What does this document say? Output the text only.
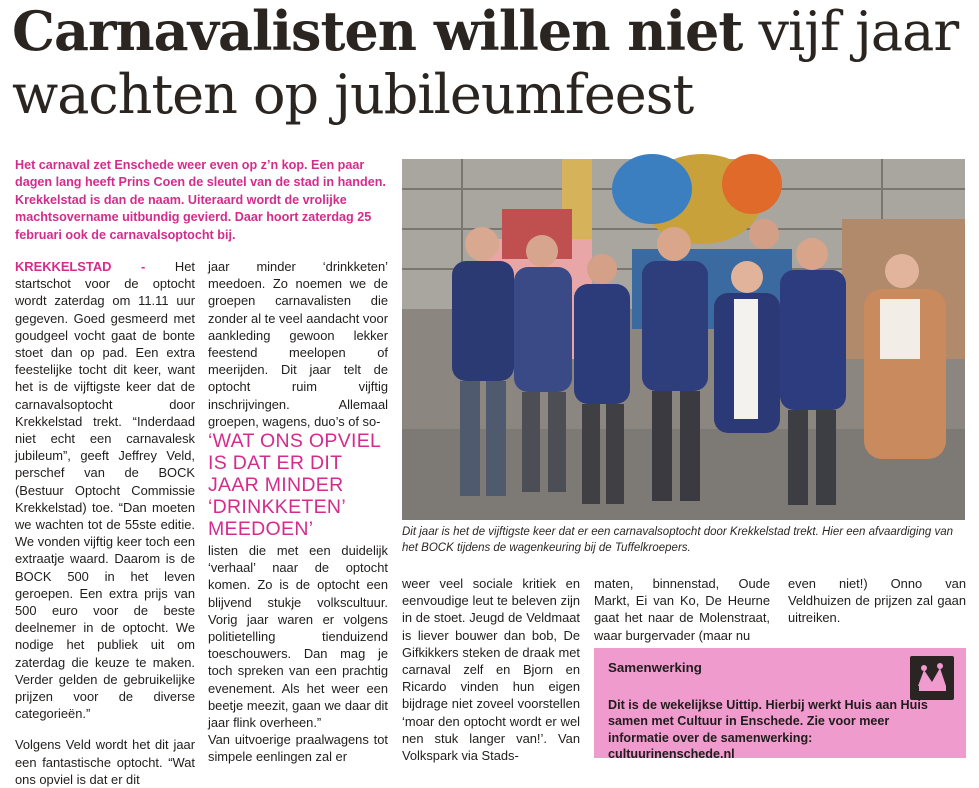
Carnavalisten willen niet vijf jaar wachten op jubileumfeest
Het carnaval zet Enschede weer even op z’n kop. Een paar dagen lang heeft Prins Coen de sleutel van de stad in handen. Krekkelstad is dan de naam. Uiteraard wordt de vrolijke machtsovername uitbundig gevierd. Daar hoort zaterdag 25 februari ook de carnavalsoptocht bij.

KREKKELSTAD - Het startschot voor de optocht wordt zaterdag om 11.11 uur gegeven. Goed gesmeerd met goudgeel vocht gaat de bonte stoet dan op pad. Een extra feestelijke tocht dit keer, want het is de vijftigste keer dat de carnavalsoptocht door Krekkelstad trekt. “Inderdaad niet echt een carnavalesk jubileum”, geeft Jeffrey Veld, perschef van de BOCK (Bestuur Optocht Commissie Krekkelstad) toe. “Dan moeten we wachten tot de 55ste editie. We vonden vijftig keer toch een extraatje waard. Daarom is de BOCK 500 in het leven geroepen. Een extra prijs van 500 euro voor de beste deelnemer in de optocht. We nodige het publiek uit om zaterdag die keuze te maken. Verder gelden de gebruikelijke prijzen voor de diverse categorieën.”

Volgens Veld wordt het dit jaar een fantastische optocht. “Wat ons opviel is dat er dit

jaar minder ‘drinkketen’ meedoen. Zo noemen we de groepen carnavalisten die zonder al te veel aandacht voor aankleding gewoon lekker feestend meelopen of meerijden. Dit jaar telt de optocht ruim vijftig inschrijvingen. Allemaal groepen, wagens, duo’s of so-

‘WAT ONS OPVIEL IS DAT ER DIT JAAR MINDER ‘DRINKKETEN’ MEEDOEN’

listen die met een duidelijk ‘verhaal’ naar de optocht komen. Zo is de optocht een blijvend stukje volkscultuur. Vorig jaar waren er volgens politietelling tienduizend toeschouwers. Dan mag je toch spreken van een prachtig evenement. Als het weer een beetje meezit, gaan we daar dit jaar flink overheen.”

Van uitvoerige praalwagens tot simpele eenlingen zal er

Dit jaar is het de vijftigste keer dat er een carnavalsoptocht door Krekkelstad trekt. Hier een afvaardiging van het BOCK tijdens de wagenkeuring bij de Tuffelkroepers.
weer veel sociale kritiek en eenvoudige leut te beleven zijn in de stoet. Jeugd de Veldmaat is liever bouwer dan bob, De Gifkikkers steken de draak met carnaval zelf en Bjorn en Ricardo vinden hun eigen bijdrage niet zoveel voorstellen ‘moar den optocht wordt er wel nen stuk langer van!’. Van Volkspark via Stads-
maten, binnenstad, Oude Markt, Ei van Ko, De Heurne gaat het naar de Molenstraat, waar burgervader (maar nu
even niet!) Onno van Veldhuizen de prijzen zal gaan uitreiken.
Samenwerking
Dit is de wekelijkse Uittip. Hierbij werkt Huis aan Huis samen met Cultuur in Enschede. Zie voor meer informatie over de samenwerking: cultuurinenschede.nl
